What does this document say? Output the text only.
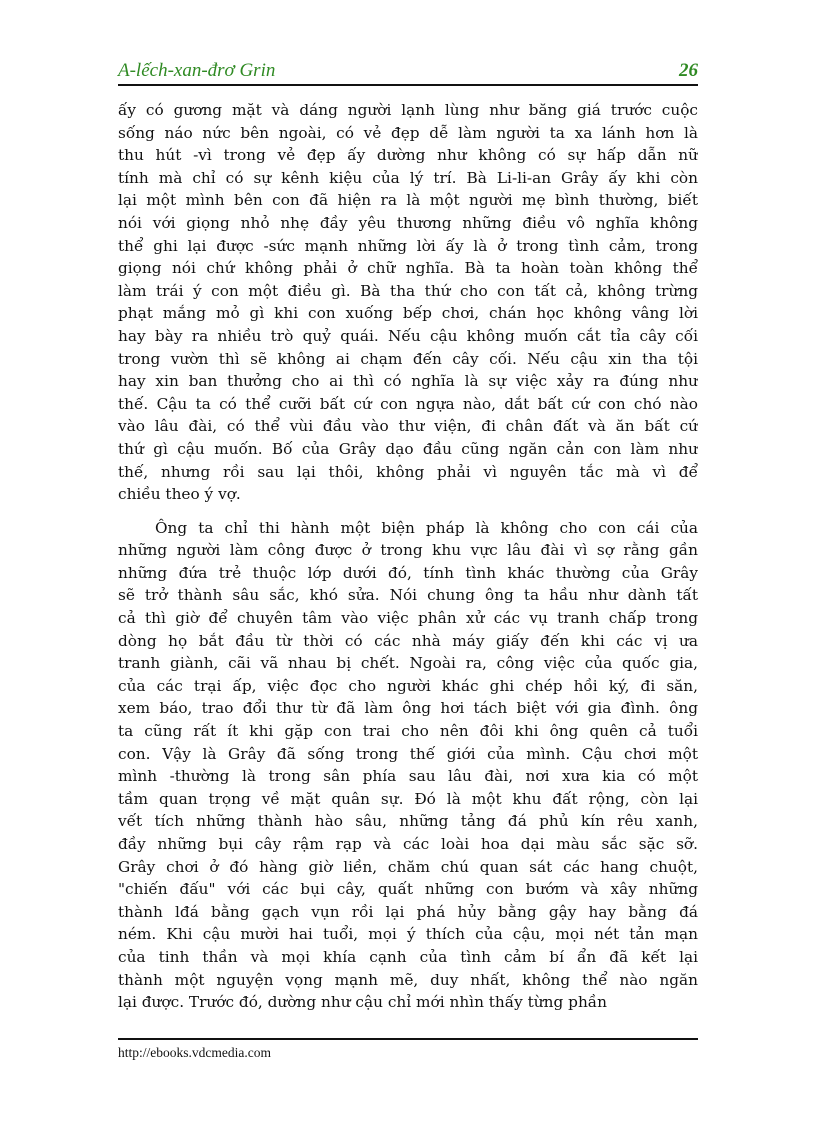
A-lếch-xan-đrơ Grin	26
ấy có gương mặt và dáng người lạnh lùng như băng giá trước cuộc
sống náo nức bên ngoài, có vẻ đẹp dễ làm người ta xa lánh hơn là
thu hút -vì trong vẻ đẹp ấy dường như không có sự hấp dẫn nữ
tính mà chỉ có sự kênh kiệu của lý trí. Bà Li-li-an Grây ấy khi còn
lại một mình bên con đã hiện ra là một người mẹ bình thường, biết
nói với giọng nhỏ nhẹ đầy yêu thương những điều vô nghĩa không
thể ghi lại được -sức mạnh những lời ấy là ở trong tình cảm, trong
giọng nói chứ không phải ở chữ nghĩa. Bà ta hoàn toàn không thể
làm trái ý con một điều gì. Bà tha thứ cho con tất cả, không trừng
phạt mắng mỏ gì khi con xuống bếp chơi, chán học không vâng lời
hay bày ra nhiều trò quỷ quái. Nếu cậu không muốn cắt tỉa cây cối
trong vườn thì sẽ không ai chạm đến cây cối. Nếu cậu xin tha tội
hay xin ban thưởng cho ai thì có nghĩa là sự việc xảy ra đúng như
thế. Cậu ta có thể cưỡi bất cứ con ngựa nào, dắt bất cứ con chó nào
vào lâu đài, có thể vùi đầu vào thư viện, đi chân đất và ăn bất cứ
thứ gì cậu muốn. Bố của Grây dạo đầu cũng ngăn cản con làm như
thế, nhưng rồi sau lại thôi, không phải vì nguyên tắc mà vì để
chiều theo ý vợ.
Ông ta chỉ thi hành một biện pháp là không cho con cái của
những người làm công được ở trong khu vực lâu đài vì sợ rằng gần
những đứa trẻ thuộc lớp dưới đó, tính tình khác thường của Grây
sẽ trở thành sâu sắc, khó sửa. Nói chung ông ta hầu như dành tất
cả thì giờ để chuyên tâm vào việc phân xử các vụ tranh chấp trong
dòng họ bắt đầu từ thời có các nhà máy giấy đến khi các vị ưa
tranh giành, cãi vã nhau bị chết. Ngoài ra, công việc của quốc gia,
của các trại ấp, việc đọc cho người khác ghi chép hồi ký, đi săn,
xem báo, trao đổi thư từ đã làm ông hơi tách biệt với gia đình. ông
ta cũng rất ít khi gặp con trai cho nên đôi khi ông quên cả tuổi
con. Vậy là Grây đã sống trong thế giới của mình. Cậu chơi một
mình -thường là trong sân phía sau lâu đài, nơi xưa kia có một
tầm quan trọng về mặt quân sự. Đó là một khu đất rộng, còn lại
vết tích những thành hào sâu, những tảng đá phủ kín rêu xanh,
đầy những bụi cây rậm rạp và các loài hoa dại màu sắc sặc sỡ.
Grây chơi ở đó hàng giờ liền, chăm chú quan sát các hang chuột,
"chiến đấu" với các bụi cây, quất những con bướm và xây những
thành lđá bằng gạch vụn rồi lại phá hủy bằng gậy hay bằng đá
ném. Khi cậu mười hai tuổi, mọi ý thích của cậu, mọi nét tản mạn
của tinh thần và mọi khía cạnh của tình cảm bí ẩn đã kết lại
thành một nguyện vọng mạnh mẽ, duy nhất, không thể nào ngăn
lại được. Trước đó, dường như cậu chỉ mới nhìn thấy từng phần
http://ebooks.vdcmedia.com
